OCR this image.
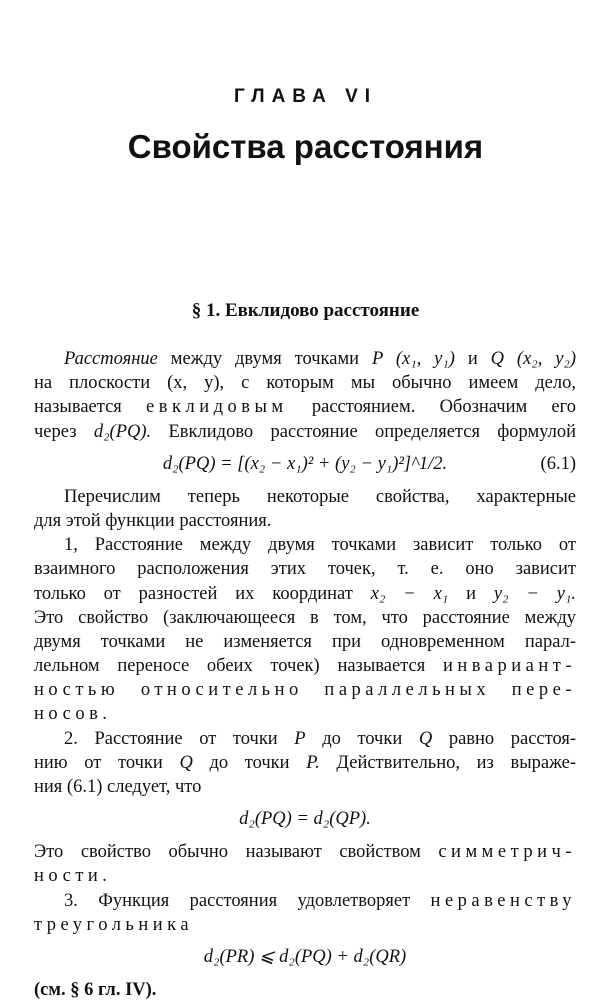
ГЛАВА VI
Свойства расстояния
§ 1. Евклидово расстояние
Расстояние между двумя точками P (x₁, y₁) и Q (x₂, y₂)
на плоскости (x, y), с которым мы обычно имеем дело,
называется евклидовым расстоянием. Обозначим его
через d₂(PQ). Евклидово расстояние определяется формулой
d₂(PQ) = [(x₂ − x₁)² + (y₂ − y₁)²]^1/2.	(6.1)
Перечислим теперь некоторые свойства, характерные
для этой функции расстояния.
1, Расстояние между двумя точками зависит только от
взаимного расположения этих точек, т. е. оно зависит
только от разностей их координат x₂ − x₁ и y₂ − y₁.
Это свойство (заключающееся в том, что расстояние между
двумя точками не изменяется при одновременном парал-
лельном переносе обеих точек) называется инвариант-
ностью относительно параллельных пере-
носов.
2. Расстояние от точки P до точки Q равно расстоя-
нию от точки Q до точки P. Действительно, из выраже-
ния (6.1) следует, что
d₂(PQ) = d₂(QP).
Это свойство обычно называют свойством симметрич-
ности.
3. Функция расстояния удовлетворяет неравенству
треугольника
d₂(PR) ⩽ d₂(PQ) + d₂(QR)
(см. § 6 гл. IV).
